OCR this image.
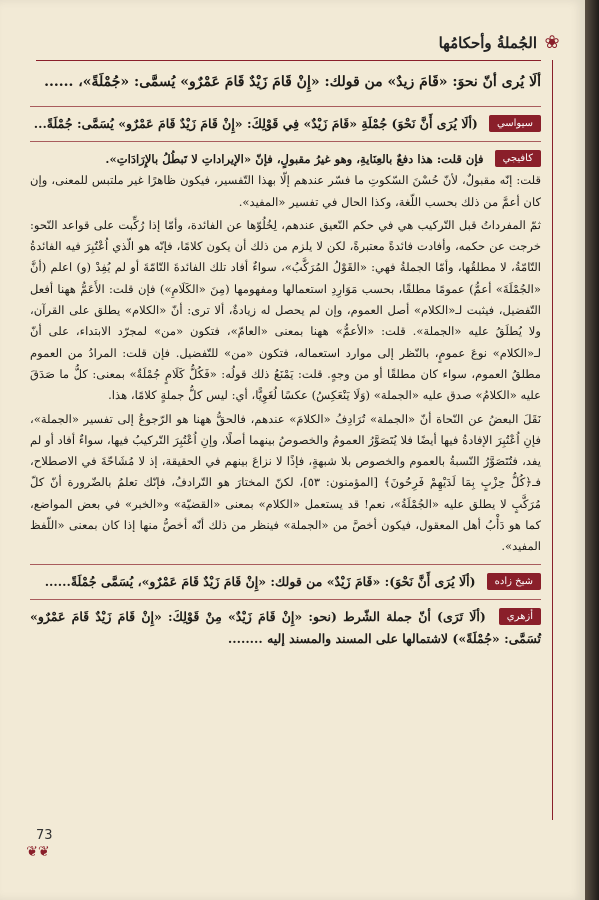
❀
الجُملةُ وأحكامُها
ألَا يُرى أنّ نحوَ: «قَامَ زيدٌ» من قولك: «إِنْ قَامَ زَيْدٌ قَامَ عَمْرٌو» يُسمَّى: «جُمْلَةً»، ......
سيواسي (ألَا يُرَى أَنَّ نَحْوَ) جُمْلَةِ «قَامَ زَيْدٌ» فِي قَوْلِكَ: «إِنْ قَامَ زَيْدٌ قَامَ عَمْرٌو» يُسَمَّى: جُمْلَةً...
كافيجي فإن قلت: هذا دفعٌ بالعِنَايةِ، وهو غيرُ مقبولٍ، فإنّ «الإيراداتِ لا تَبطُلُ بالإِرَادَاتِ».

قلت: إنّه مقبولٌ، لأنّ حُسْنَ السّكوتِ ما فسّر عندهم إلّا بهذا التّفسير، فيكون ظاهرًا غير ملتبس للمعنى، وإن كان أعمَّ من ذلك بحسب اللّغة، وكذا الحال في تفسير «المفيد».

ثمّ المفرداتُ قبل التّركيب هي في حكم النّعيق عندهم، لِخُلُوّها عن الفائدة، وأمّا إذا رُكِّبت على قواعد النّحو: خرجت عن حكمه، وأفادت فائدةً معتبرةً، لكن لا يلزم من ذلك أن يكون كلامًا، فإنّه هو الّذي اُعْتُبِرَ فيه الفائدةُ التّامّةُ، لا مطلقُها، وأمّا الجملةُ فهي: «القَوْلُ المُرَكَّبُ»، سواءٌ أفاد تلك الفائدةَ التّامّةَ أو لم يُفِدْ (و) اعلم (أنَّ «الجُمْلَةَ» أعمُّ) عمومًا مطلقًا، بحسب مَوَارِدِ استعمالها ومفهومها (مِنَ «الكَلَامِ») فإن قلت: الأَعَمُّ ههنا أفعل التّفضيل، فيثبت لـ«الكلام» أصل العموم، وإن لم يحصل له زيادةٌ، ألا ترى: أنّ «الكلام» يطلق على القرآن، ولا يُطلَقُ عليه «الجملة». قلت: «الأعمُّ» ههنا بمعنى «العامّ»، فتكون «من» لمجرّد الابتداء، على أنّ لـ«الكلام» نوعَ عمومٍ، بالنّظر إلى موارد استعماله، فتكون «من» للتّفضيل. فإن قلت: المرادُ من العموم مطلقُ العموم، سواء كان مطلقًا أو من وجهٍ. قلت: يَمْنَعُ ذلك قولُه: «فَكُلُّ كَلَامٍ جُمْلَةٌ» بمعنى: كلُّ ما صَدَقَ عليه «الكلامُ» صدق عليه «الجملة» (وَلَا يَنْعَكِسُ) عكسًا لُغَوِيًّا، أي: ليس كلُّ جملةٍ كلامًا، هذا.

نَقَلَ البعضُ عن النّحاة أنّ «الجملة» تُرَادِفُ «الكلامَ» عندهم، فالحقُّ ههنا هو الرّجوعُ إلى تفسير «الجملة»، فإنِ اُعْتُبِرَ الإفادةُ فيها أيضًا فلا يُتَصَوَّرُ العمومُ والخصوصُ بينهما أصلًا، وإنِ اُعْتُبِرَ التّركيبُ فيها، سواءٌ أفاد أو لم يفد، فتُتَصَوَّرُ النّسبةُ بالعموم والخصوص بلا شبهةٍ، فإذًا لا نزاعَ بينهم في الحقيقة، إذ لا مُشَاحّةَ في الاصطلاح، فـ﴿كُلُّ حِزْبٍ بِمَا لَدَيْهِمْ فَرِحُونَ﴾ [المؤمنون: ٥٣]، لكنّ المختارَ هو التّرادفُ، فإنّك تعلمُ بالضّرورة أنّ كلّ مُرَكَّبٍ لا يطلق عليه «الجُمْلَةُ»، نعم! قد يستعمل «الكلام» بمعنى «القضيّة» و«الخبر» في بعض المواضع، كما هو دَأْبُ أهل المعقول، فيكون أخصَّ من «الجملة» فينظر من ذلك أنّه أخصُّ منها إذا كان بمعنى «اللّفظ المفيد».

شيخ زاده (ألَا يُرَى أَنَّ نَحْوَ): «قَامَ زَيْدٌ» من قولك: «إِنْ قَامَ زَيْدٌ قَامَ عَمْرٌو»، يُسَمَّى جُمْلَةً......
أزهري (ألَا تَرَى) أنّ جملة الشّرط (نحو: «إِنْ قَامَ زَيْدٌ» مِنْ قَوْلِكَ: «إِنْ قَامَ زَيْدٌ قَامَ عَمْرٌو» تُسَمَّى: «جُمْلَةً») لاشتمالها على المسند والمسند إليه ........
73
❦❦
